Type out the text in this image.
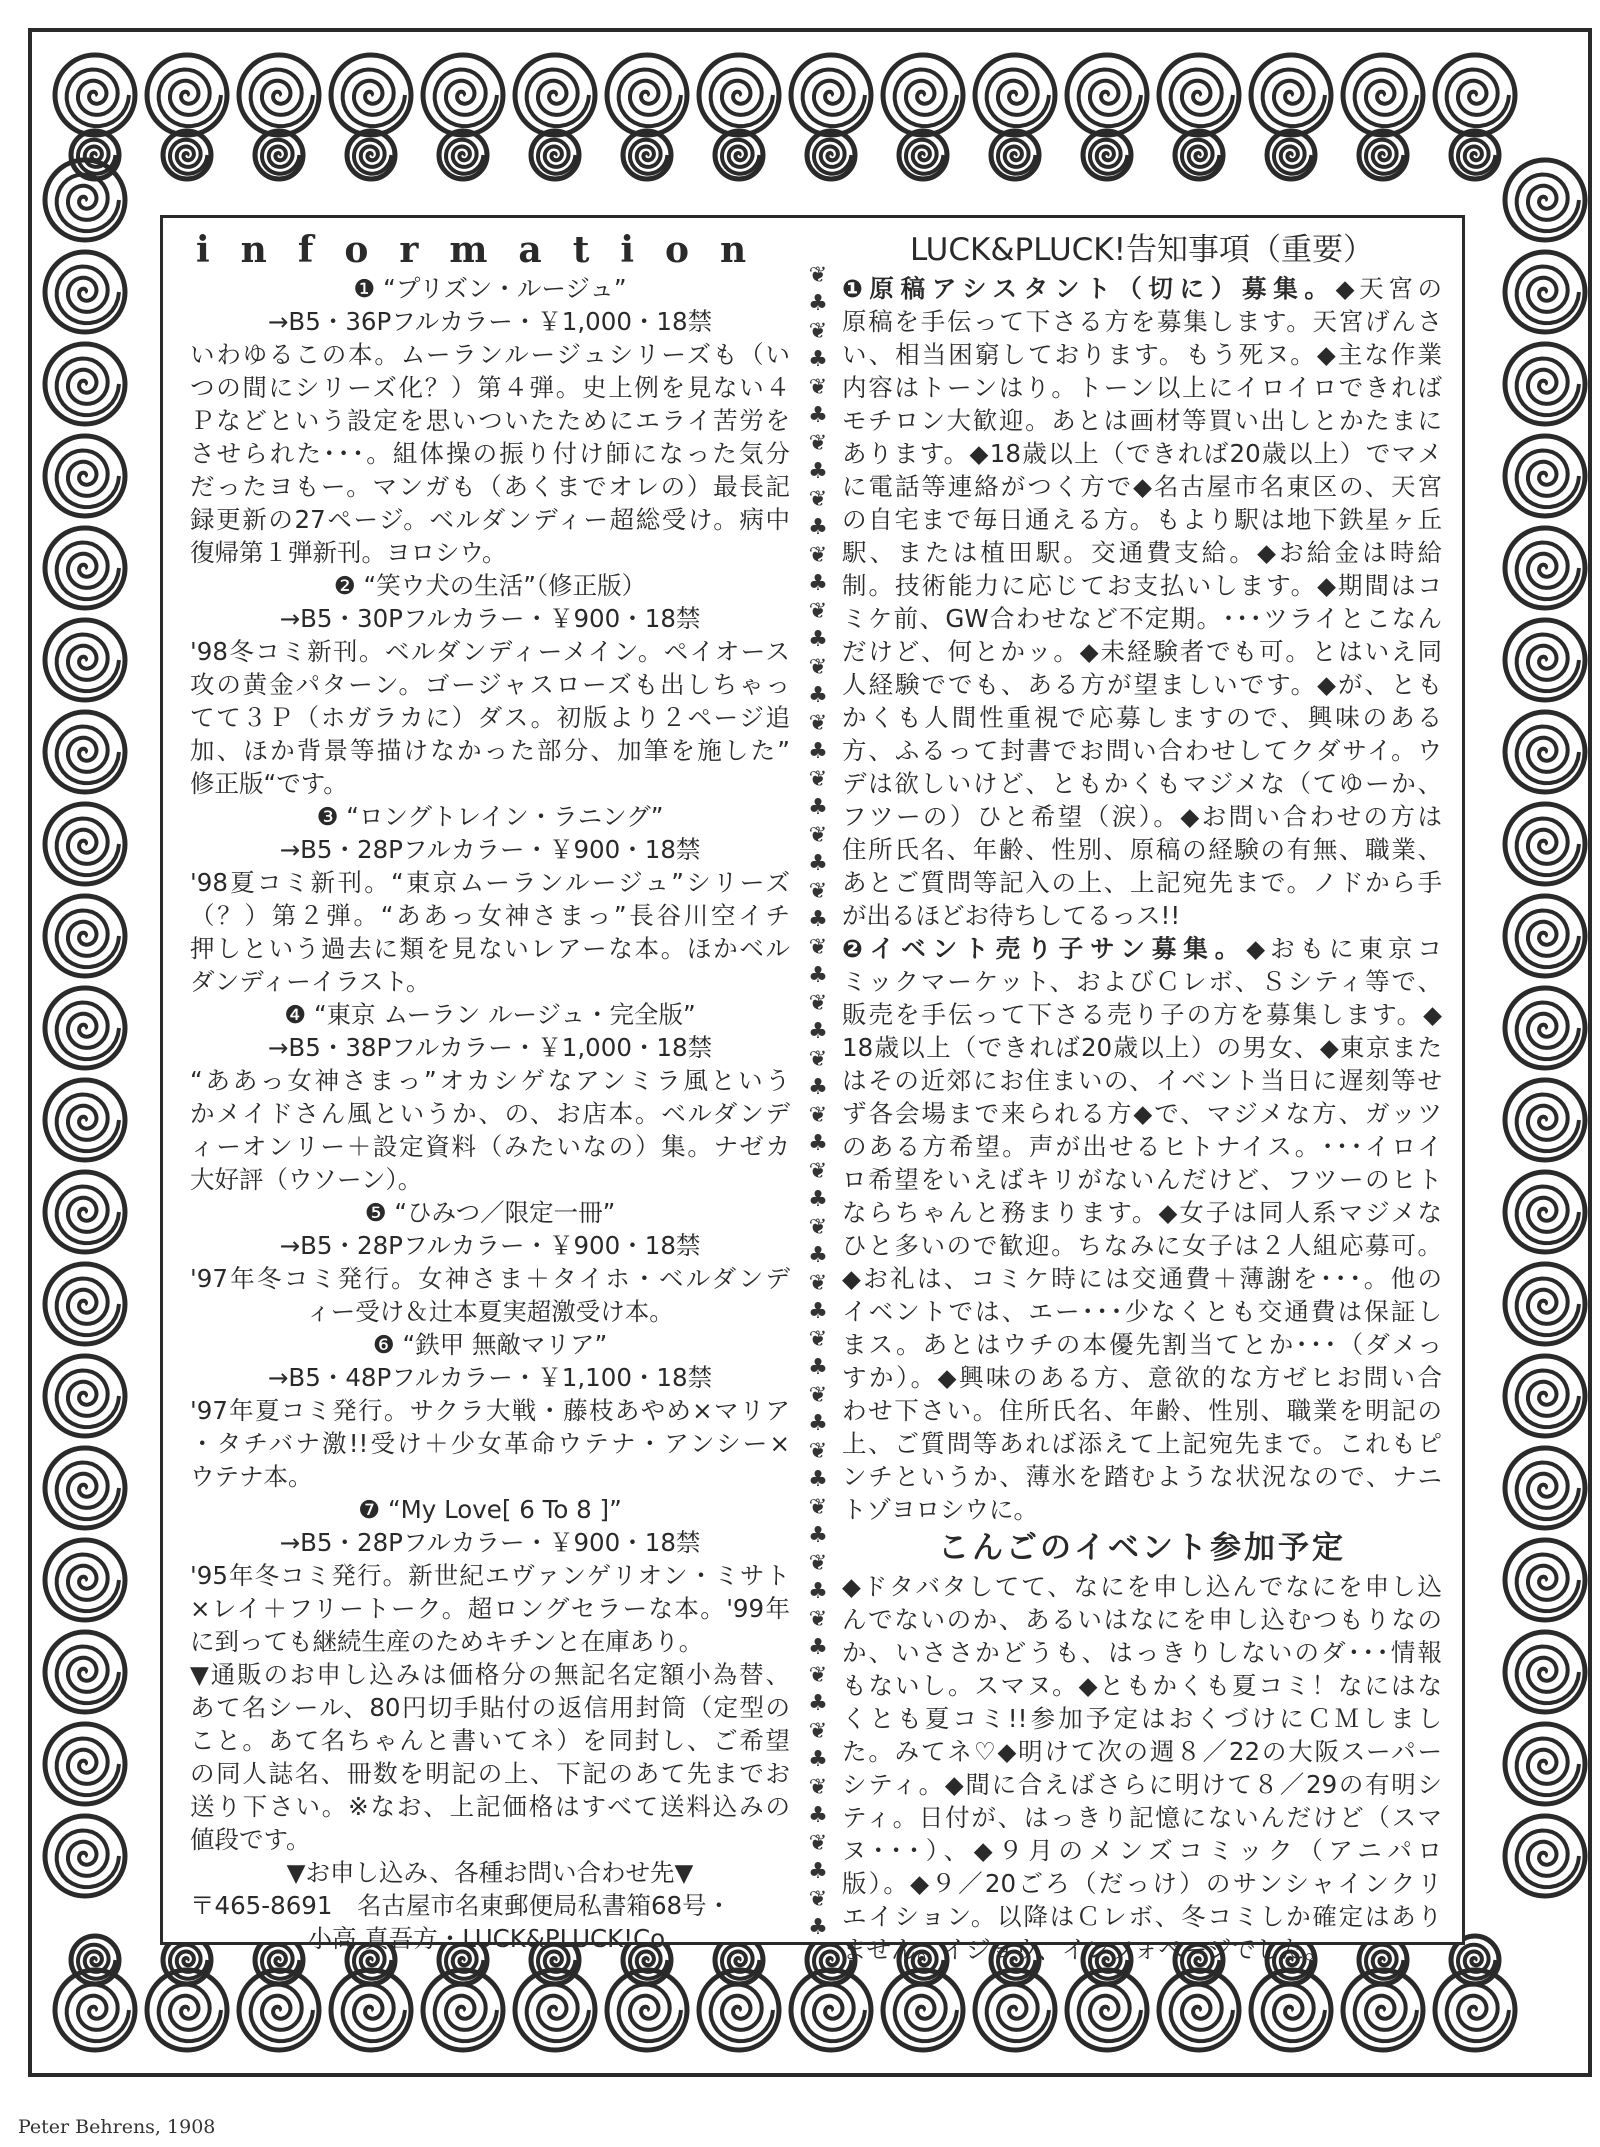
❦
♣
❦
♣
❦
♣
❦
♣
❦
♣
❦
♣
❦
♣
❦
♣
❦
♣
❦
♣
❦
♣
❦
♣
❦
♣
❦
♣
❦
♣
❦
♣
❦
♣
❦
♣
❦
♣
❦
♣
❦
♣
❦
♣
❦
♣
❦
♣
❦
♣
❦
♣
❦
♣
❦
♣
❦
♣
❦
♣
information
❶ “プリズン・ルージュ”
→B5・36Pフルカラー・￥1,000・18禁
いわゆるこの本。ムーランルージュシリーズも（い
つの間にシリーズ化？）第４弾。史上例を見ない４
Ｐなどという設定を思いついたためにエライ苦労を
させられた･･･。組体操の振り付け師になった気分
だったヨもー。マンガも（あくまでオレの）最長記
録更新の27ページ。ベルダンディー超総受け。病中
復帰第１弾新刊。ヨロシウ。
❷ “笑ウ犬の生活”（修正版）
→B5・30Pフルカラー・￥900・18禁
'98冬コミ新刊。ベルダンディーメイン。ペイオース
攻の黄金パターン。ゴージャスローズも出しちゃっ
てて３Ｐ（ホガラカに）ダス。初版より２ページ追
加、ほか背景等描けなかった部分、加筆を施した”
修正版“です。
❸ “ロングトレイン・ラニング”
→B5・28Pフルカラー・￥900・18禁
'98夏コミ新刊。“東京ムーランルージュ”シリーズ
（？）第２弾。“ああっ女神さまっ”長谷川空イチ
押しという過去に類を見ないレアーな本。ほかベル
ダンディーイラスト。
❹ “東京 ムーラン ルージュ・完全版”
→B5・38Pフルカラー・￥1,000・18禁
“ああっ女神さまっ”オカシゲなアンミラ風という
かメイドさん風というか、の、お店本。ベルダンデ
ィーオンリー＋設定資料（みたいなの）集。ナゼカ
大好評（ウソーン）。
❺ “ひみつ／限定一冊”
→B5・28Pフルカラー・￥900・18禁
'97年冬コミ発行。女神さま＋タイホ・ベルダンデ
ィー受け＆辻本夏実超激受け本。
❻ “鉄甲 無敵マリア”
→B5・48Pフルカラー・￥1,100・18禁
'97年夏コミ発行。サクラ大戦・藤枝あやめ×マリア
・タチバナ激!!受け＋少女革命ウテナ・アンシー×
ウテナ本。
❼ “My Love[ 6 To 8 ]”
→B5・28Pフルカラー・￥900・18禁
'95年冬コミ発行。新世紀エヴァンゲリオン・ミサト
×レイ＋フリートーク。超ロングセラーな本。'99年
に到っても継続生産のためキチンと在庫あり。
▼通販のお申し込みは価格分の無記名定額小為替、
あて名シール、80円切手貼付の返信用封筒（定型の
こと。あて名ちゃんと書いてネ）を同封し、ご希望
の同人誌名、冊数を明記の上、下記のあて先までお
送り下さい。※なお、上記価格はすべて送料込みの
値段です。
▼お申し込み、各種お問い合わせ先▼
〒465-8691　名古屋市名東郵便局私書箱68号・
小高 真吾方・LUCK&PLUCK!Co.
LUCK&PLUCK!告知事項（重要）
❶原稿アシスタント（切に）募集。◆天宮の
原稿を手伝って下さる方を募集します。天宮げんさ
い、相当困窮しております。もう死ヌ。◆主な作業
内容はトーンはり。トーン以上にイロイロできれば
モチロン大歓迎。あとは画材等買い出しとかたまに
あります。◆18歳以上（できれば20歳以上）でマメ
に電話等連絡がつく方で◆名古屋市名東区の、天宮
の自宅まで毎日通える方。もより駅は地下鉄星ヶ丘
駅、または植田駅。交通費支給。◆お給金は時給
制。技術能力に応じてお支払いします。◆期間はコ
ミケ前、GW合わせなど不定期。･･･ツライとこなん
だけど、何とかッ。◆未経験者でも可。とはいえ同
人経験ででも、ある方が望ましいです。◆が、とも
かくも人間性重視で応募しますので、興味のある
方、ふるって封書でお問い合わせしてクダサイ。ウ
デは欲しいけど、ともかくもマジメな（てゆーか、
フツーの）ひと希望（涙）。◆お問い合わせの方は
住所氏名、年齢、性別、原稿の経験の有無、職業、
あとご質問等記入の上、上記宛先まで。ノドから手
が出るほどお待ちしてるっス!!
❷イベント売り子サン募集。◆おもに東京コ
ミックマーケット、およびＣレボ、Ｓシティ等で、
販売を手伝って下さる売り子の方を募集します。◆
18歳以上（できれば20歳以上）の男女、◆東京また
はその近郊にお住まいの、イベント当日に遅刻等せ
ず各会場まで来られる方◆で、マジメな方、ガッツ
のある方希望。声が出せるヒトナイス。･･･イロイ
ロ希望をいえばキリがないんだけど、フツーのヒト
ならちゃんと務まります。◆女子は同人系マジメな
ひと多いので歓迎。ちなみに女子は２人組応募可。
◆お礼は、コミケ時には交通費＋薄謝を･･･。他の
イベントでは、エー･･･少なくとも交通費は保証し
まス。あとはウチの本優先割当てとか･･･（ダメっ
すか）。◆興味のある方、意欲的な方ゼヒお問い合
わせ下さい。住所氏名、年齢、性別、職業を明記の
上、ご質問等あれば添えて上記宛先まで。これもピ
ンチというか、薄氷を踏むような状況なので、ナニ
トゾヨロシウに。
こんごのイベント参加予定
◆ドタバタしてて、なにを申し込んでなにを申し込
んでないのか、あるいはなにを申し込むつもりなの
か、いささかどうも、はっきりしないのダ･･･情報
もないし。スマヌ。◆ともかくも夏コミ！なにはな
くとも夏コミ!!参加予定はおくづけにＣＭしまし
た。みてネ♡◆明けて次の週８／22の大阪スーパー
シティ。◆間に合えばさらに明けて８／29の有明シ
ティ。日付が、はっきり記憶にないんだけど（スマ
ヌ･･･）、◆９月のメンズコミック（アニパロ
版）。◆９／20ごろ（だっけ）のサンシャインクリ
エイション。以降はＣレボ、冬コミしか確定はあり
ません。イジョウ、インフォページでした。
Peter Behrens, 1908
